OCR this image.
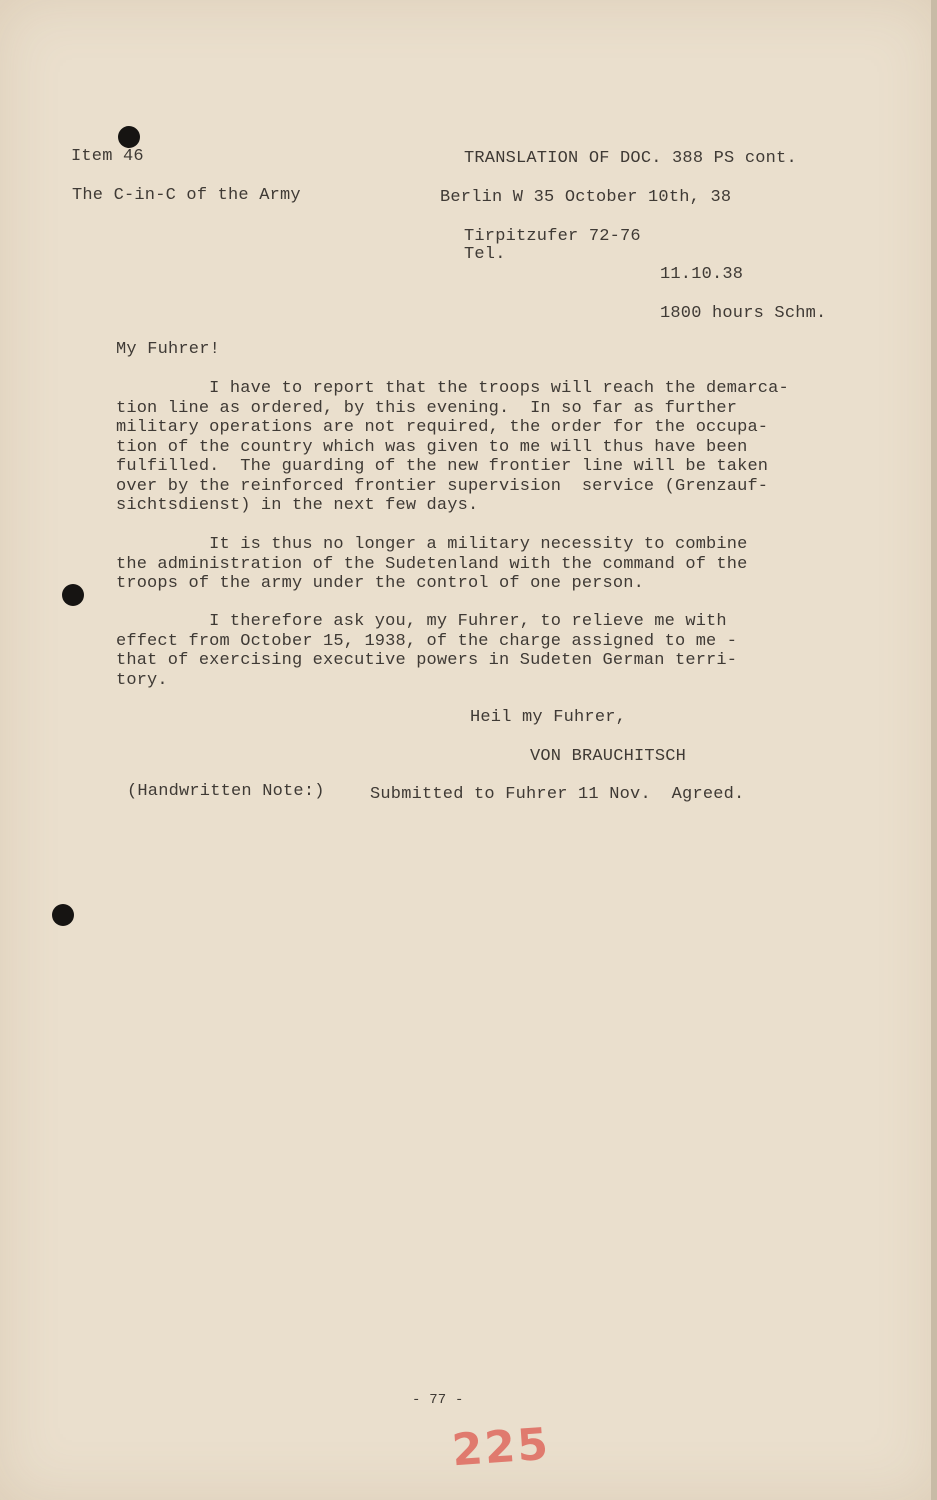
Item 46	TRANSLATION OF DOC. 388 PS cont.
The C-in-C of the Army	Berlin W 35 October 10th, 38
Tirpitzufer 72-76
Tel.
11.10.38
1800 hours Schm.
My Fuhrer!
I have to report that the troops will reach the demarca-
tion line as ordered, by this evening.  In so far as further
military operations are not required, the order for the occupa-
tion of the country which was given to me will thus have been
fulfilled.  The guarding of the new frontier line will be taken
over by the reinforced frontier supervision  service (Grenzauf-
sichtsdienst) in the next few days.
It is thus no longer a military necessity to combine
the administration of the Sudetenland with the command of the
troops of the army under the control of one person.
I therefore ask you, my Fuhrer, to relieve me with
effect from October 15, 1938, of the charge assigned to me -
that of exercising executive powers in Sudeten German terri-
tory.
Heil my Fuhrer,
VON BRAUCHITSCH
(Handwritten Note:)	Submitted to Fuhrer 11 Nov.  Agreed.
- 77 -
225
